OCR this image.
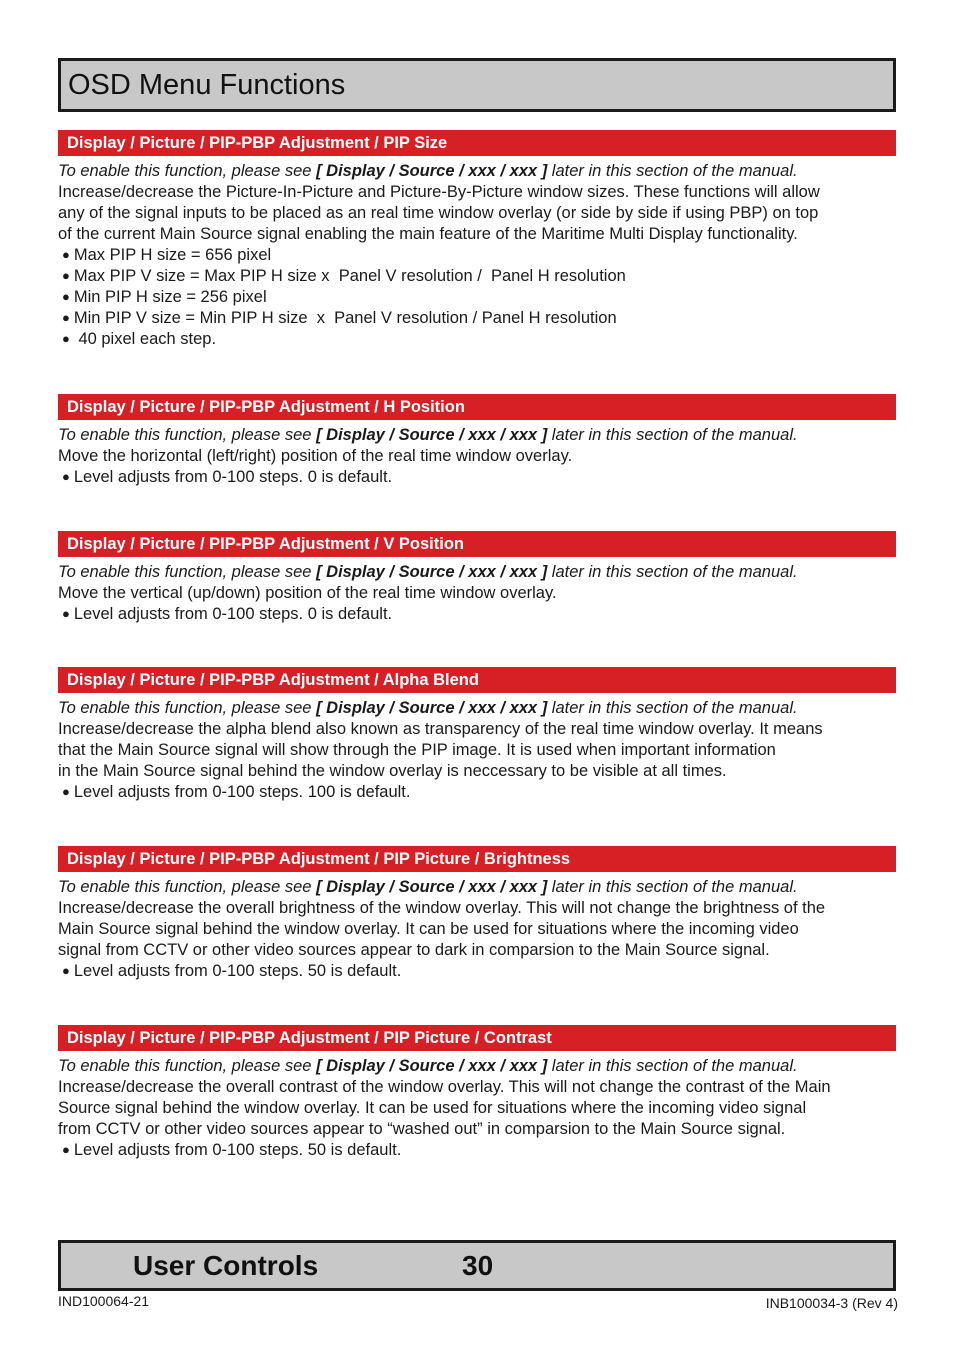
OSD Menu Functions
Display / Picture / PIP-PBP Adjustment / PIP Size
To enable this function, please see [ Display / Source / xxx / xxx ] later in this section of the manual.
Increase/decrease the Picture-In-Picture and Picture-By-Picture window sizes. These functions will allow
any of the signal inputs to be placed as an real time window overlay (or side by side if using PBP) on top
of the current Main Source signal enabling the main feature of the Maritime Multi Display functionality.
● Max PIP H size = 656 pixel
● Max PIP V size = Max PIP H size x  Panel V resolution /  Panel H resolution
● Min PIP H size = 256 pixel
● Min PIP V size = Min PIP H size  x  Panel V resolution / Panel H resolution
● 40 pixel each step.
Display / Picture / PIP-PBP Adjustment / H Position
To enable this function, please see [ Display / Source / xxx / xxx ] later in this section of the manual.
Move the horizontal (left/right) position of the real time window overlay.
● Level adjusts from 0-100 steps. 0 is default.
Display / Picture / PIP-PBP Adjustment / V Position
To enable this function, please see [ Display / Source / xxx / xxx ] later in this section of the manual.
Move the vertical (up/down) position of the real time window overlay.
● Level adjusts from 0-100 steps. 0 is default.
Display / Picture / PIP-PBP Adjustment / Alpha Blend
To enable this function, please see [ Display / Source / xxx / xxx ] later in this section of the manual.
Increase/decrease the alpha blend also known as transparency of the real time window overlay. It means
that the Main Source signal will show through the PIP image. It is used when important information
in the Main Source signal behind the window overlay is neccessary to be visible at all times.
● Level adjusts from 0-100 steps. 100 is default.
Display / Picture / PIP-PBP Adjustment / PIP Picture / Brightness
To enable this function, please see [ Display / Source / xxx / xxx ] later in this section of the manual.
Increase/decrease the overall brightness of the window overlay. This will not change the brightness of the
Main Source signal behind the window overlay. It can be used for situations where the incoming video
signal from CCTV or other video sources appear to dark in comparsion to the Main Source signal.
● Level adjusts from 0-100 steps. 50 is default.
Display / Picture / PIP-PBP Adjustment / PIP Picture / Contrast
To enable this function, please see [ Display / Source / xxx / xxx ] later in this section of the manual.
Increase/decrease the overall contrast of the window overlay. This will not change the contrast of the Main
Source signal behind the window overlay. It can be used for situations where the incoming video signal
from CCTV or other video sources appear to “washed out” in comparsion to the Main Source signal.
● Level adjusts from 0-100 steps. 50 is default.
User Controls	30
IND100064-21	INB100034-3 (Rev 4)
